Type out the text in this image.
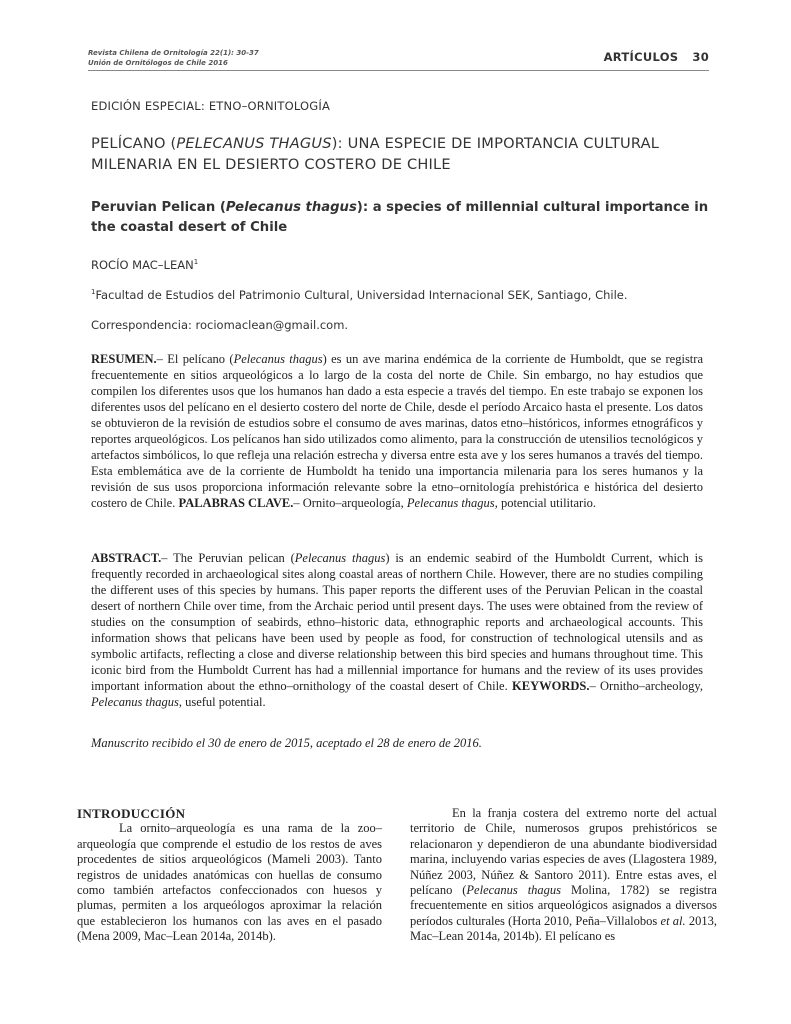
Revista Chilena de Ornitología 22(1): 30-37
Unión de Ornitólogos de Chile 2016	ARTÍCULOS 30
EDICIÓN ESPECIAL: ETNO–ORNITOLOGÍA
PELÍCANO (PELECANUS THAGUS): UNA ESPECIE DE IMPORTANCIA CULTURAL MILENARIA EN EL DESIERTO COSTERO DE CHILE
Peruvian Pelican (Pelecanus thagus): a species of millennial cultural importance in the coastal desert of Chile
ROCÍO MAC–LEAN$^1$
$^1$Facultad de Estudios del Patrimonio Cultural, Universidad Internacional SEK, Santiago, Chile.
Correspondencia: rociomaclean@gmail.com.

RESUMEN.– El pelícano (Pelecanus thagus) es un ave marina endémica de la corriente de Humboldt, que se registra frecuentemente en sitios arqueológicos a lo largo de la costa del norte de Chile. Sin embargo, no hay estudios que compilen los diferentes usos que los humanos han dado a esta especie a través del tiempo. En este trabajo se exponen los diferentes usos del pelícano en el desierto costero del norte de Chile, desde el período Arcaico hasta el presente. Los datos se obtuvieron de la revisión de estudios sobre el consumo de aves marinas, datos etno–históricos, informes etnográficos y reportes arqueológicos. Los pelícanos han sido utilizados como alimento, para la construcción de utensilios tecnológicos y artefactos simbólicos, lo que refleja una relación estrecha y diversa entre esta ave y los seres humanos a través del tiempo. Esta emblemática ave de la corriente de Humboldt ha tenido una importancia milenaria para los seres humanos y la revisión de sus usos proporciona información relevante sobre la etno–ornitología prehistórica e histórica del desierto costero de Chile. PALABRAS CLAVE.– Ornito–arqueología, Pelecanus thagus, potencial utilitario.

ABSTRACT.– The Peruvian pelican (Pelecanus thagus) is an endemic seabird of the Humboldt Current, which is frequently recorded in archaeological sites along coastal areas of northern Chile. However, there are no studies compiling the different uses of this species by humans. This paper reports the different uses of the Peruvian Pelican in the coastal desert of northern Chile over time, from the Archaic period until present days. The uses were obtained from the review of studies on the consumption of seabirds, ethno–historic data, ethnographic reports and archaeological accounts. This information shows that pelicans have been used by people as food, for construction of technological utensils and as symbolic artifacts, reflecting a close and diverse relationship between this bird species and humans throughout time. This iconic bird from the Humboldt Current has had a millennial importance for humans and the review of its uses provides important information about the ethno–ornithology of the coastal desert of Chile. KEYWORDS.– Ornitho–archeology, Pelecanus thagus, useful potential.

Manuscrito recibido el 30 de enero de 2015, aceptado el 28 de enero de 2016.
INTRODUCCIÓN
La ornito–arqueología es una rama de la zoo–arqueología que comprende el estudio de los restos de aves procedentes de sitios arqueológicos (Mameli 2003). Tanto registros de unidades anatómicas con huellas de consumo como también artefactos confeccionados con huesos y plumas, permiten a los arqueólogos aproximar la relación que establecieron los humanos con las aves en el pasado (Mena 2009, Mac–Lean 2014a, 2014b).
En la franja costera del extremo norte del actual territorio de Chile, numerosos grupos prehistóricos se relacionaron y dependieron de una abundante biodiversidad marina, incluyendo varias especies de aves (Llagostera 1989, Núñez 2003, Núñez & Santoro 2011). Entre estas aves, el pelícano (Pelecanus thagus Molina, 1782) se registra frecuentemente en sitios arqueológicos asignados a diversos períodos culturales (Horta 2010, Peña–Villalobos et al. 2013, Mac–Lean 2014a, 2014b). El pelícano es
